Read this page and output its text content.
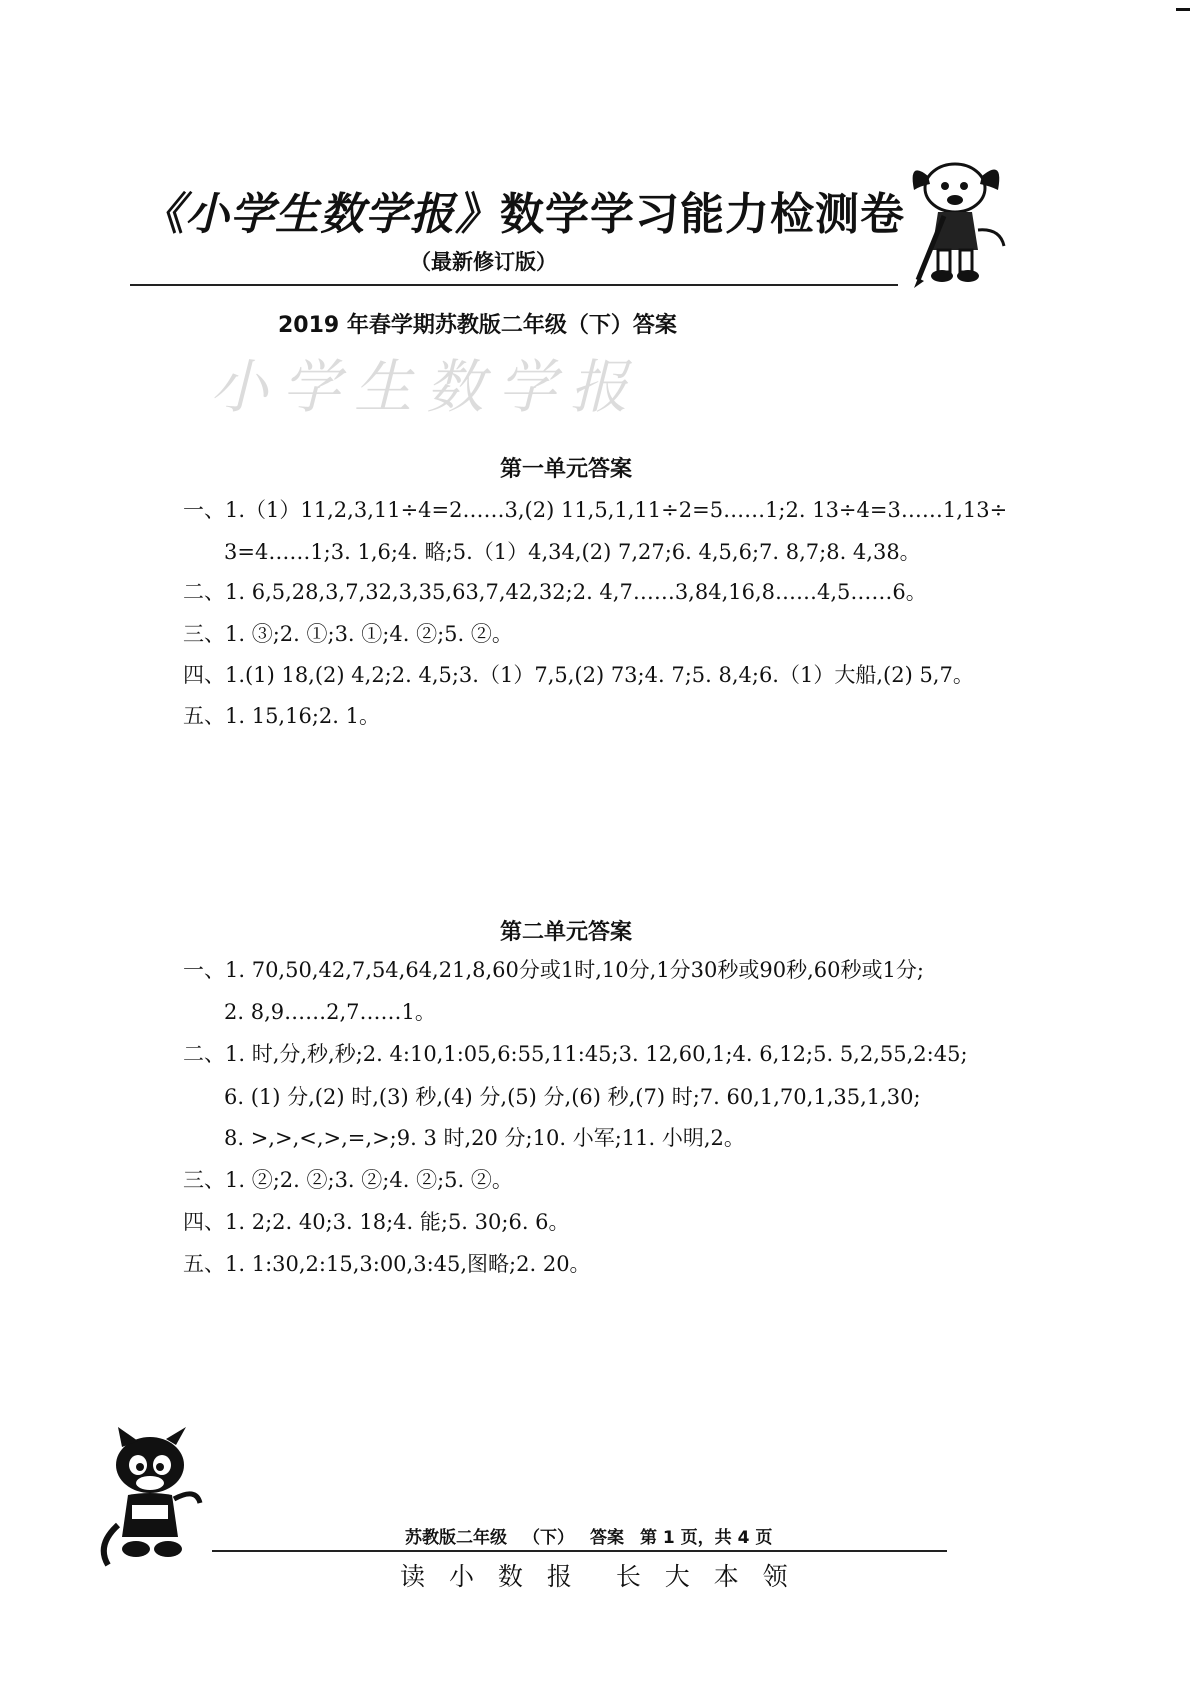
《小学生数学报》数学学习能力检测卷
（最新修订版）
2019 年春学期苏教版二年级（下）答案
小学生数学报
第一单元答案
一、1.（1）11,2,3,11÷4=2……3,(2) 11,5,1,11÷2=5……1;2. 13÷4=3……1,13÷
3=4……1;3. 1,6;4. 略;5.（1）4,34,(2) 7,27;6. 4,5,6;7. 8,7;8. 4,38。
二、1. 6,5,28,3,7,32,3,35,63,7,42,32;2. 4,7……3,84,16,8……4,5……6。
三、1. ③;2. ①;3. ①;4. ②;5. ②。
四、1.(1) 18,(2) 4,2;2. 4,5;3.（1）7,5,(2) 73;4. 7;5. 8,4;6.（1）大船,(2) 5,7。
五、1. 15,16;2. 1。
第二单元答案
一、1. 70,50,42,7,54,64,21,8,60分或1时,10分,1分30秒或90秒,60秒或1分;
2. 8,9……2,7……1。
二、1. 时,分,秒,秒;2. 4:10,1:05,6:55,11:45;3. 12,60,1;4. 6,12;5. 5,2,55,2:45;
6. (1) 分,(2) 时,(3) 秒,(4) 分,(5) 分,(6) 秒,(7) 时;7. 60,1,70,1,35,1,30;
8. >,>,<,>,=,>;9. 3 时,20 分;10. 小军;11. 小明,2。
三、1. ②;2. ②;3. ②;4. ②;5. ②。
四、1. 2;2. 40;3. 18;4. 能;5. 30;6. 6。
五、1. 1:30,2:15,3:00,3:45,图略;2. 20。
苏教版二年级 （下） 答案 第 1 页，共 4 页
读 小 数 报 长 大 本 领
